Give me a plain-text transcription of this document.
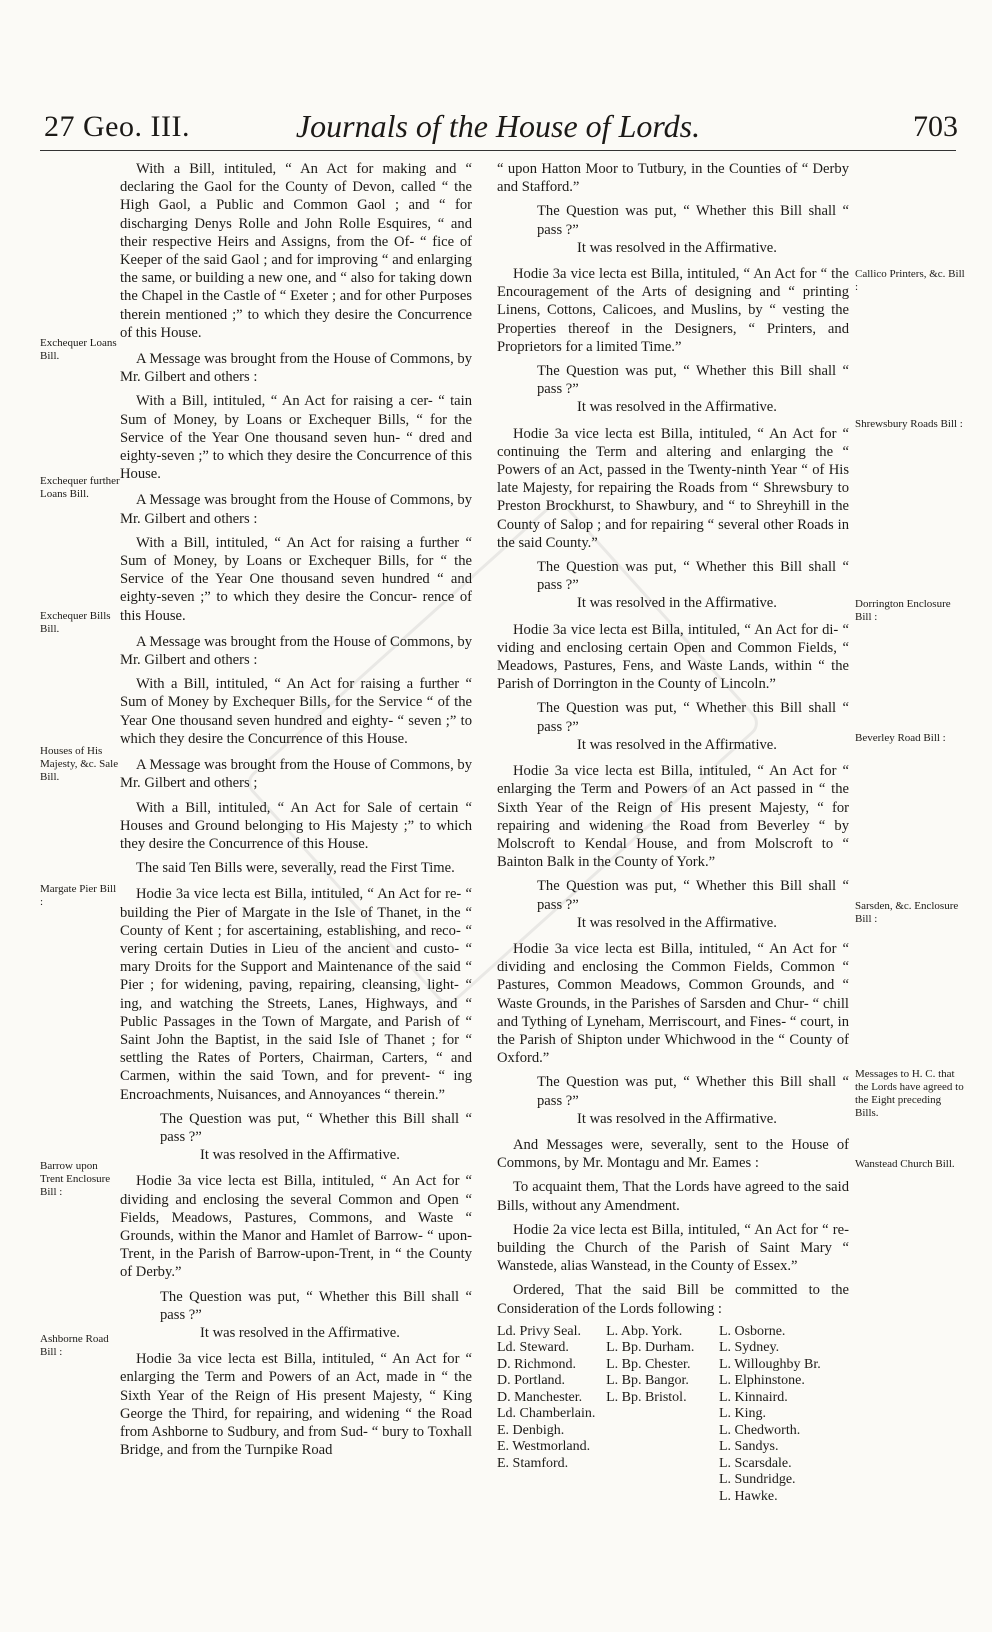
27 Geo. III.	Journals of the House of Lords.	703

With a Bill, intituled, “ An Act for making and “ declaring the Gaol for the County of Devon, called “ the High Gaol, a Public and Common Gaol ; and “ for discharging Denys Rolle and John Rolle Esquires, “ and their respective Heirs and Assigns, from the Of- “ fice of Keeper of the said Gaol ; and for improving “ and enlarging the same, or building a new one, and “ also for taking down the Chapel in the Castle of “ Exeter ; and for other Purposes therein mentioned ;” to which they desire the Concurrence of this House.

A Message was brought from the House of Commons, by Mr. Gilbert and others :

With a Bill, intituled, “ An Act for raising a cer- “ tain Sum of Money, by Loans or Exchequer Bills, “ for the Service of the Year One thousand seven hun- “ dred and eighty-seven ;” to which they desire the Concurrence of this House.

A Message was brought from the House of Commons, by Mr. Gilbert and others :

With a Bill, intituled, “ An Act for raising a further “ Sum of Money, by Loans or Exchequer Bills, for “ the Service of the Year One thousand seven hundred “ and eighty-seven ;” to which they desire the Concur- rence of this House.

A Message was brought from the House of Commons, by Mr. Gilbert and others :

With a Bill, intituled, “ An Act for raising a further “ Sum of Money by Exchequer Bills, for the Service “ of the Year One thousand seven hundred and eighty- “ seven ;” to which they desire the Concurrence of this House.

A Message was brought from the House of Commons, by Mr. Gilbert and others ;

With a Bill, intituled, “ An Act for Sale of certain “ Houses and Ground belonging to His Majesty ;” to which they desire the Concurrence of this House.

The said Ten Bills were, severally, read the First Time.

Hodie 3a vice lecta est Billa, intituled, “ An Act for re- “ building the Pier of Margate in the Isle of Thanet, in the “ County of Kent ; for ascertaining, establishing, and reco- “ vering certain Duties in Lieu of the ancient and custo- “ mary Droits for the Support and Maintenance of the said “ Pier ; for widening, paving, repairing, cleansing, light- “ ing, and watching the Streets, Lanes, Highways, and “ Public Passages in the Town of Margate, and Parish of “ Saint John the Baptist, in the said Isle of Thanet ; for “ settling the Rates of Porters, Chairman, Carters, “ and Carmen, within the said Town, and for prevent- “ ing Encroachments, Nuisances, and Annoyances “ therein.”

The Question was put, “ Whether this Bill shall “ pass ?”

It was resolved in the Affirmative.

Hodie 3a vice lecta est Billa, intituled, “ An Act for “ dividing and enclosing the several Common and Open “ Fields, Meadows, Pastures, Commons, and Waste “ Grounds, within the Manor and Hamlet of Barrow- “ upon-Trent, in the Parish of Barrow-upon-Trent, in “ the County of Derby.”

The Question was put, “ Whether this Bill shall “ pass ?”

It was resolved in the Affirmative.

Hodie 3a vice lecta est Billa, intituled, “ An Act for “ enlarging the Term and Powers of an Act, made in “ the Sixth Year of the Reign of His present Majesty, “ King George the Third, for repairing, and widening “ the Road from Ashborne to Sudbury, and from Sud- “ bury to Toxhall Bridge, and from the Turnpike Road

Exchequer Loans Bill.
Exchequer further Loans Bill.
Exchequer Bills Bill.
Houses of His Majesty, &c. Sale Bill.
Margate Pier Bill :
Barrow upon Trent Enclosure Bill :
Ashborne Road Bill :

“ upon Hatton Moor to Tutbury, in the Counties of “ Derby and Stafford.”

The Question was put, “ Whether this Bill shall “ pass ?”

It was resolved in the Affirmative.

Hodie 3a vice lecta est Billa, intituled, “ An Act for “ the Encouragement of the Arts of designing and “ printing Linens, Cottons, Calicoes, and Muslins, by “ vesting the Properties thereof in the Designers, “ Printers, and Proprietors for a limited Time.”

The Question was put, “ Whether this Bill shall “ pass ?”

It was resolved in the Affirmative.

Hodie 3a vice lecta est Billa, intituled, “ An Act for “ continuing the Term and altering and enlarging the “ Powers of an Act, passed in the Twenty-ninth Year “ of His late Majesty, for repairing the Roads from “ Shrewsbury to Preston Brockhurst, to Shawbury, and “ to Shreyhill in the County of Salop ; and for repairing “ several other Roads in the said County.”

The Question was put, “ Whether this Bill shall “ pass ?”

It was resolved in the Affirmative.

Hodie 3a vice lecta est Billa, intituled, “ An Act for di- “ viding and enclosing certain Open and Common Fields, “ Meadows, Pastures, Fens, and Waste Lands, within “ the Parish of Dorrington in the County of Lincoln.”

The Question was put, “ Whether this Bill shall “ pass ?”

It was resolved in the Affirmative.

Hodie 3a vice lecta est Billa, intituled, “ An Act for “ enlarging the Term and Powers of an Act passed in “ the Sixth Year of the Reign of His present Majesty, “ for repairing and widening the Road from Beverley “ by Molscroft to Kendal House, and from Molscroft to “ Bainton Balk in the County of York.”

The Question was put, “ Whether this Bill shall “ pass ?”

It was resolved in the Affirmative.

Hodie 3a vice lecta est Billa, intituled, “ An Act for “ dividing and enclosing the Common Fields, Common “ Pastures, Common Meadows, Common Grounds, and “ Waste Grounds, in the Parishes of Sarsden and Chur- “ chill and Tything of Lyneham, Merriscourt, and Fines- “ court, in the Parish of Shipton under Whichwood in the “ County of Oxford.”

The Question was put, “ Whether this Bill shall “ pass ?”

It was resolved in the Affirmative.

And Messages were, severally, sent to the House of Commons, by Mr. Montagu and Mr. Eames :

To acquaint them, That the Lords have agreed to the said Bills, without any Amendment.

Hodie 2a vice lecta est Billa, intituled, “ An Act for “ re-building the Church of the Parish of Saint Mary “ Wanstede, alias Wanstead, in the County of Essex.”

Ordered, That the said Bill be committed to the Consideration of the Lords following :

Ld. Privy Seal.
Ld. Steward.
D. Richmond.
D. Portland.
D. Manchester.
Ld. Chamberlain.
E. Denbigh.
E. Westmorland.
E. Stamford.
L. Abp. York.
L. Bp. Durham.
L. Bp. Chester.
L. Bp. Bangor.
L. Bp. Bristol.
L. Osborne.
L. Sydney.
L. Willoughby Br.
L. Elphinstone.
L. Kinnaird.
L. King.
L. Chedworth.
L. Sandys.
L. Scarsdale.
L. Sundridge.
L. Hawke.
Callico Printers, &c. Bill :
Shrewsbury Roads Bill :
Dorrington Enclosure Bill :
Beverley Road Bill :
Sarsden, &c. Enclosure Bill :
Messages to H. C. that the Lords have agreed to the Eight preceding Bills.
Wanstead Church Bill.
